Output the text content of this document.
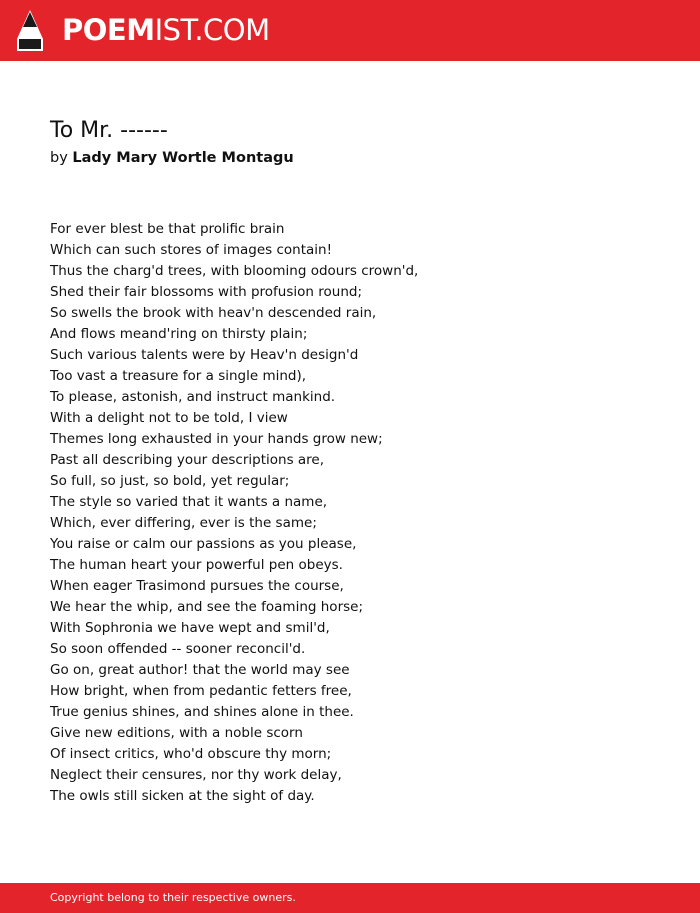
POEMIST.COM
To Mr. ------
by Lady Mary Wortle Montagu
For ever blest be that prolific brain
Which can such stores of images contain!
Thus the charg'd trees, with blooming odours crown'd,
Shed their fair blossoms with profusion round;
So swells the brook with heav'n descended rain,
And flows meand'ring on thirsty plain;
Such various talents were by Heav'n design'd
Too vast a treasure for a single mind),
To please, astonish, and instruct mankind.
With a delight not to be told, I view
Themes long exhausted in your hands grow new;
Past all describing your descriptions are,
So full, so just, so bold, yet regular;
The style so varied that it wants a name,
Which, ever differing, ever is the same;
You raise or calm our passions as you please,
The human heart your powerful pen obeys.
When eager Trasimond pursues the course,
We hear the whip, and see the foaming horse;
With Sophronia we have wept and smil'd,
So soon offended -- sooner reconcil'd.
Go on, great author! that the world may see
How bright, when from pedantic fetters free,
True genius shines, and shines alone in thee.
Give new editions, with a noble scorn
Of insect critics, who'd obscure thy morn;
Neglect their censures, nor thy work delay,
The owls still sicken at the sight of day.
Copyright belong to their respective owners.
